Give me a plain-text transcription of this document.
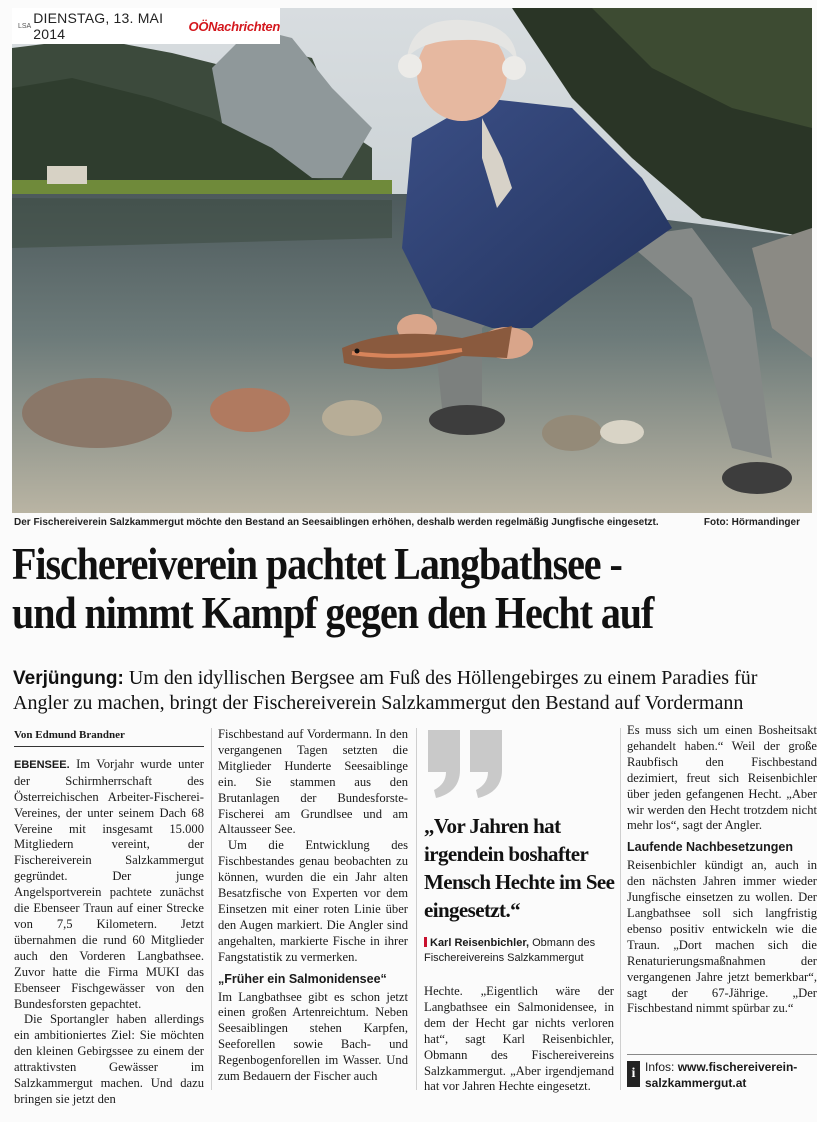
LSA DIENSTAG, 13. MAI 2014	OÖNachrichten
Der Fischereiverein Salzkammergut möchte den Bestand an Seesaiblingen erhöhen, deshalb werden regelmäßig Jungfische eingesetzt.	Foto: Hörmandinger
Fischereiverein pachtet Langbathsee -
und nimmt Kampf gegen den Hecht auf
Verjüngung: Um den idyllischen Bergsee am Fuß des Höllengebirges zu einem Paradies für Angler zu machen, bringt der Fischereiverein Salzkammergut den Bestand auf Vordermann
Von Edmund Brandner

EBENSEE. Im Vorjahr wurde unter der Schirmherrschaft des Österreichischen Arbeiter-Fischerei-Vereines, der unter seinem Dach 68 Vereine mit insgesamt 15.000 Mitgliedern vereint, der Fischereiverein Salzkammergut gegründet. Der junge Angelsportverein pachtete zunächst die Ebenseer Traun auf einer Strecke von 7,5 Kilometern. Jetzt übernahmen die rund 60 Mitglieder auch den Vorderen Langbathsee. Zuvor hatte die Firma MUKI das Ebenseer Fischgewässer von den Bundesforsten gepachtet.

Die Sportangler haben allerdings ein ambitioniertes Ziel: Sie möchten den kleinen Gebirgssee zu einem der attraktivsten Gewässer im Salzkammergut machen. Und dazu bringen sie jetzt den

Fischbestand auf Vordermann. In den vergangenen Tagen setzten die Mitglieder Hunderte Seesaiblinge ein. Sie stammen aus den Brutanlagen der Bundesforste-Fischerei am Grundlsee und am Altausseer See.

Um die Entwicklung des Fischbestandes genau beobachten zu können, wurden die ein Jahr alten Besatzfische von Experten vor dem Einsetzen mit einer roten Linie über den Augen markiert. Die Angler sind angehalten, markierte Fische in ihrer Fangstatistik zu vermerken.

„Früher ein Salmonidensee“

Im Langbathsee gibt es schon jetzt einen großen Artenreichtum. Neben Seesaiblingen stehen Karpfen, Seeforellen sowie Bach- und Regenbogenforellen im Wasser. Und zum Bedauern der Fischer auch

„Vor Jahren hat irgendein boshafter Mensch Hechte im See eingesetzt.“
Karl Reisenbichler, Obmann des Fischereivereins Salzkammergut

Hechte. „Eigentlich wäre der Langbathsee ein Salmonidensee, in dem der Hecht gar nichts verloren hat“, sagt Karl Reisenbichler, Obmann des Fischereivereins Salzkammergut. „Aber irgendjemand hat vor Jahren Hechte eingesetzt.

Es muss sich um einen Bosheitsakt gehandelt haben.“ Weil der große Raubfisch den Fischbestand dezimiert, freut sich Reisenbichler über jeden gefangenen Hecht. „Aber wir werden den Hecht trotzdem nicht mehr los“, sagt der Angler.

Laufende Nachbesetzungen

Reisenbichler kündigt an, auch in den nächsten Jahren immer wieder Jungfische einsetzen zu wollen. Der Langbathsee soll sich langfristig ebenso positiv entwickeln wie die Traun. „Dort machen sich die Renaturierungsmaßnahmen der vergangenen Jahre jetzt bemerkbar“, sagt der 67-Jährige. „Der Fischbestand nimmt spürbar zu.“

i Infos: www.fischereiverein-salzkammergut.at
